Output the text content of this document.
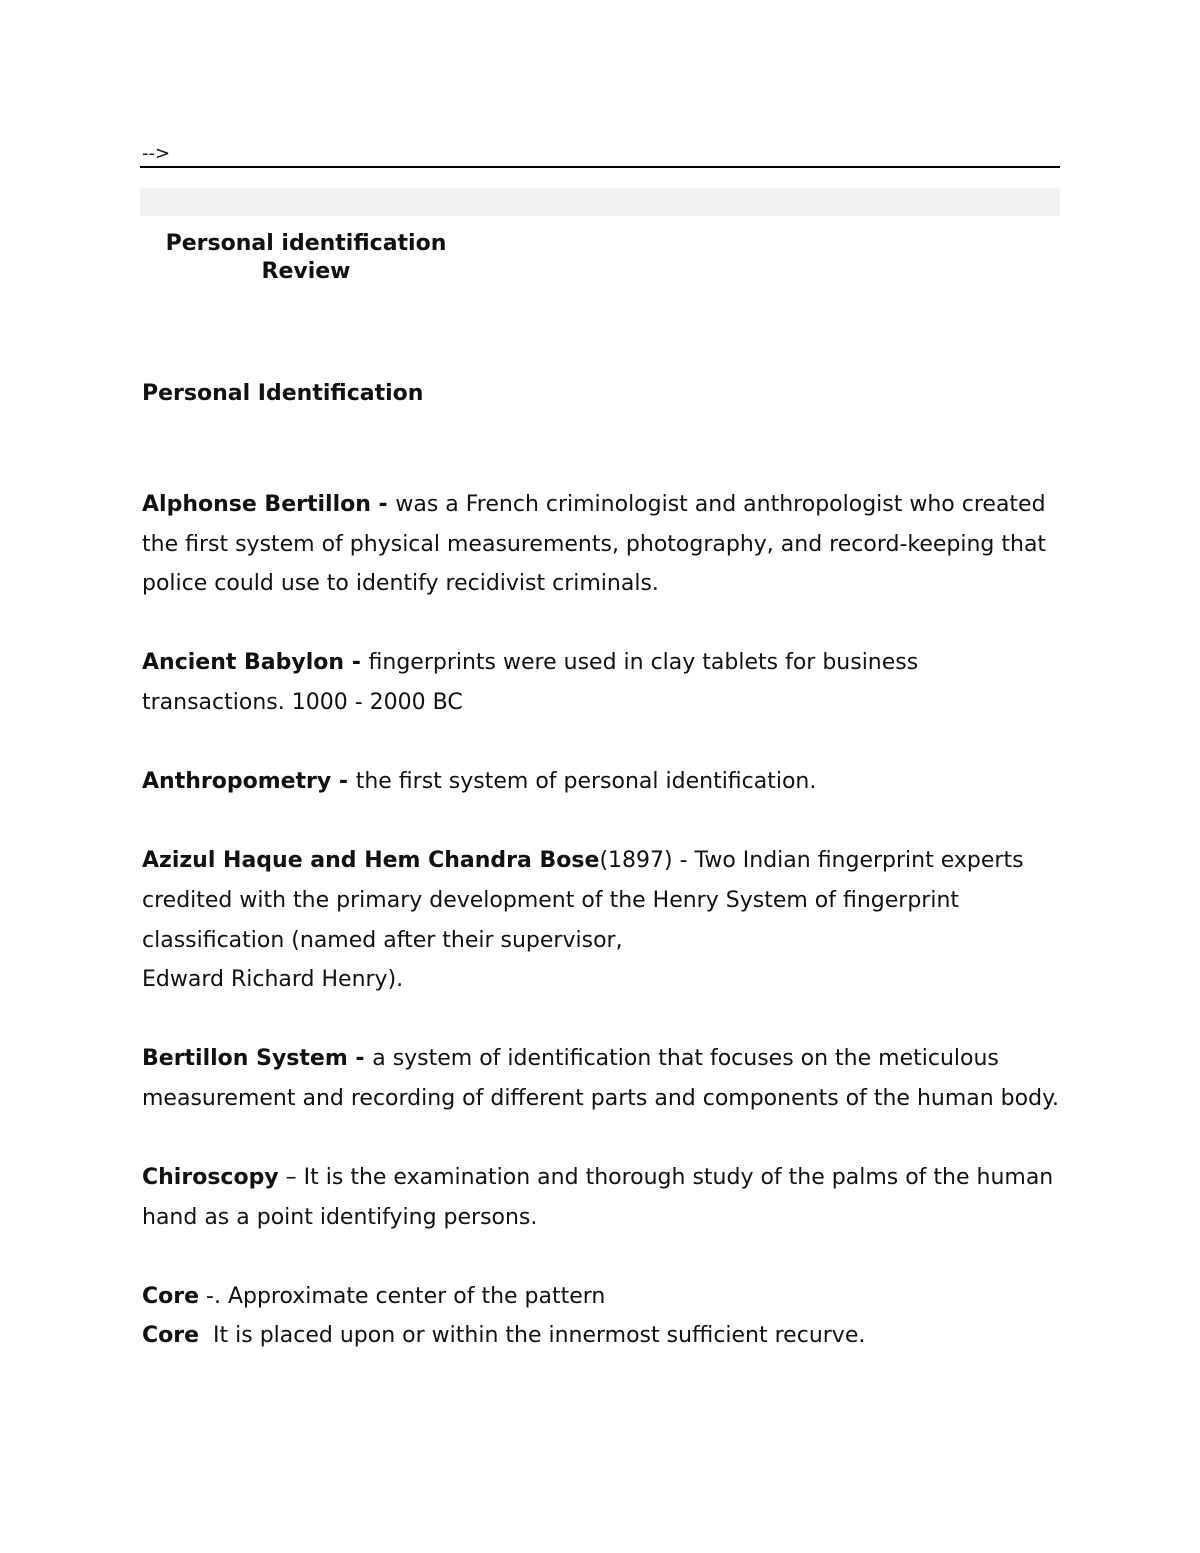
-->
Personal identification
Review
Personal Identification
Alphonse Bertillon - was a French criminologist and anthropologist who created the first system of physical measurements, photography, and record-keeping that police could use to identify recidivist criminals.
Ancient Babylon - fingerprints were used in clay tablets for business transactions. 1000 - 2000 BC
Anthropometry - the first system of personal identification.
Azizul Haque and Hem Chandra Bose(1897) - Two Indian fingerprint experts credited with the primary development of the Henry System of fingerprint classification (named after their supervisor,
Edward Richard Henry).
Bertillon System - a system of identification that focuses on the meticulous measurement and recording of different parts and components of the human body.
Chiroscopy – It is the examination and thorough study of the palms of the human hand as a point identifying persons.
Core -. Approximate center of the pattern
Core It is placed upon or within the innermost sufficient recurve.
